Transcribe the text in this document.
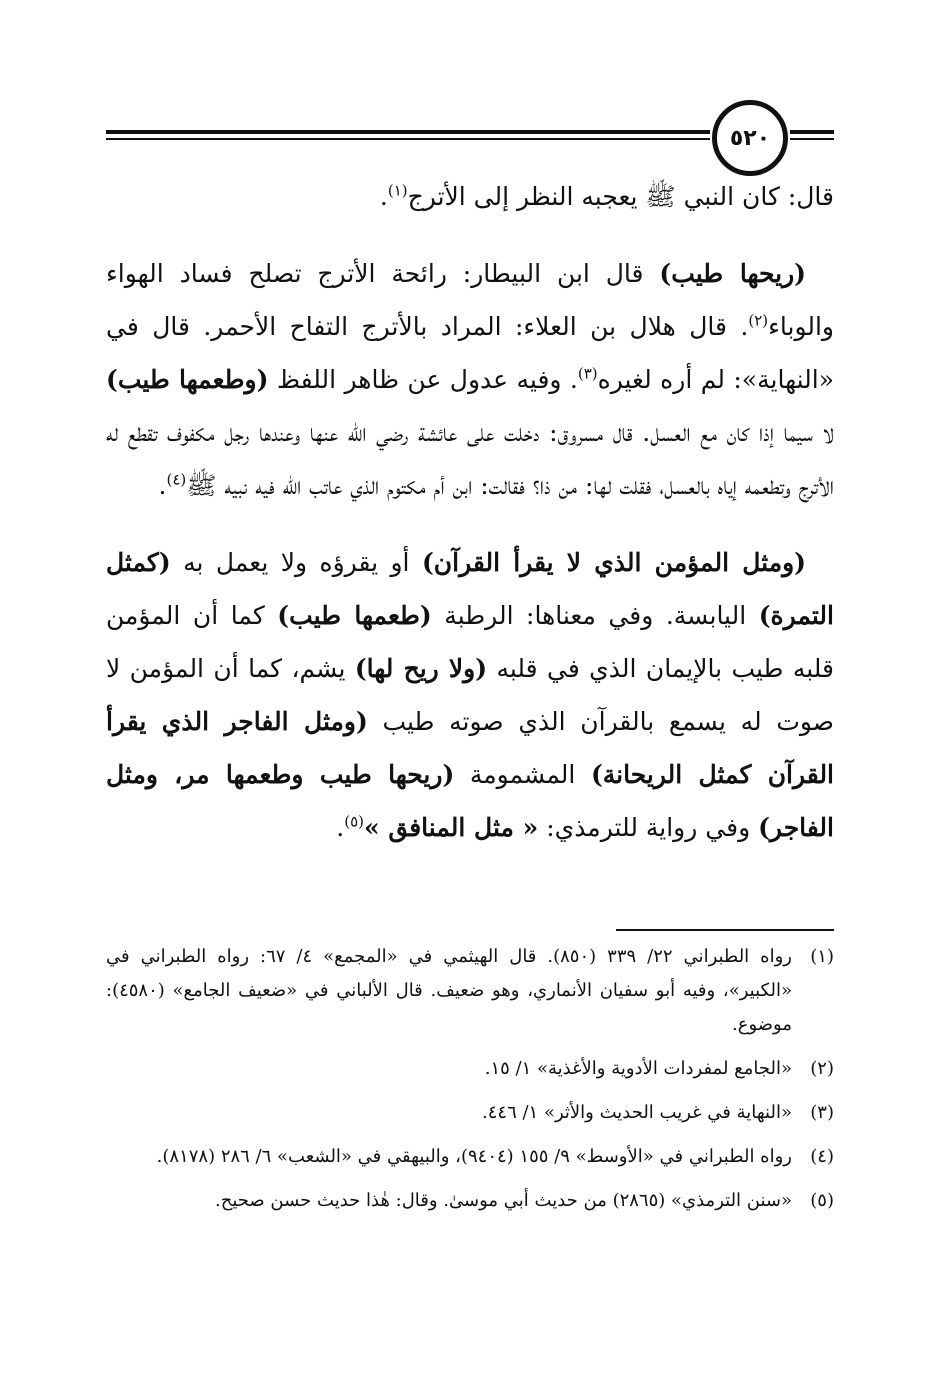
٥٢٠

قال: كان النبي ﷺ يعجبه النظر إلى الأترج$^{(١)}$.

(ريحها طيب) قال ابن البيطار: رائحة الأترج تصلح فساد الهواء والوباء$^{(٢)}$. قال هلال بن العلاء: المراد بالأترج التفاح الأحمر. قال في «النهاية»: لم أره لغيره$^{(٣)}$. وفيه عدول عن ظاهر اللفظ (وطعمها طيب) لا سيما إذا كان مع العسل. قال مسروق: دخلت على عائشة رضي الله عنها وعندها رجل مكفوف تقطع له الأترج وتطعمه إياه بالعسل، فقلت لها: من ذا؟ فقالت: ابن أم مكتوم الذي عاتب الله فيه نبيه ﷺ$^{(٤)}$.

(ومثل المؤمن الذي لا يقرأ القرآن) أو يقرؤه ولا يعمل به (كمثل التمرة) اليابسة. وفي معناها: الرطبة (طعمها طيب) كما أن المؤمن قلبه طيب بالإيمان الذي في قلبه (ولا ريح لها) يشم، كما أن المؤمن لا صوت له يسمع بالقرآن الذي صوته طيب (ومثل الفاجر الذي يقرأ القرآن كمثل الريحانة) المشمومة (ريحها طيب وطعمها مر، ومثل الفاجر) وفي رواية للترمذي: « مثل المنافق »$^{(٥)}$.

(١)
رواه الطبراني ٢٢/ ٣٣٩ (٨٥٠). قال الهيثمي في «المجمع» ٤/ ٦٧: رواه الطبراني في «الكبير»، وفيه أبو سفيان الأنماري، وهو ضعيف. قال الألباني في «ضعيف الجامع» (٤٥٨٠): موضوع.
(٢)
«الجامع لمفردات الأدوية والأغذية» ١/ ١٥.
(٣)
«النهاية في غريب الحديث والأثر» ١/ ٤٤٦.
(٤)
رواه الطبراني في «الأوسط» ٩/ ١٥٥ (٩٤٠٤)، والبيهقي في «الشعب» ٦/ ٢٨٦ (٨١٧٨).
(٥)
«سنن الترمذي» (٢٨٦٥) من حديث أبي موسىٰ. وقال: هٰذا حديث حسن صحيح.
